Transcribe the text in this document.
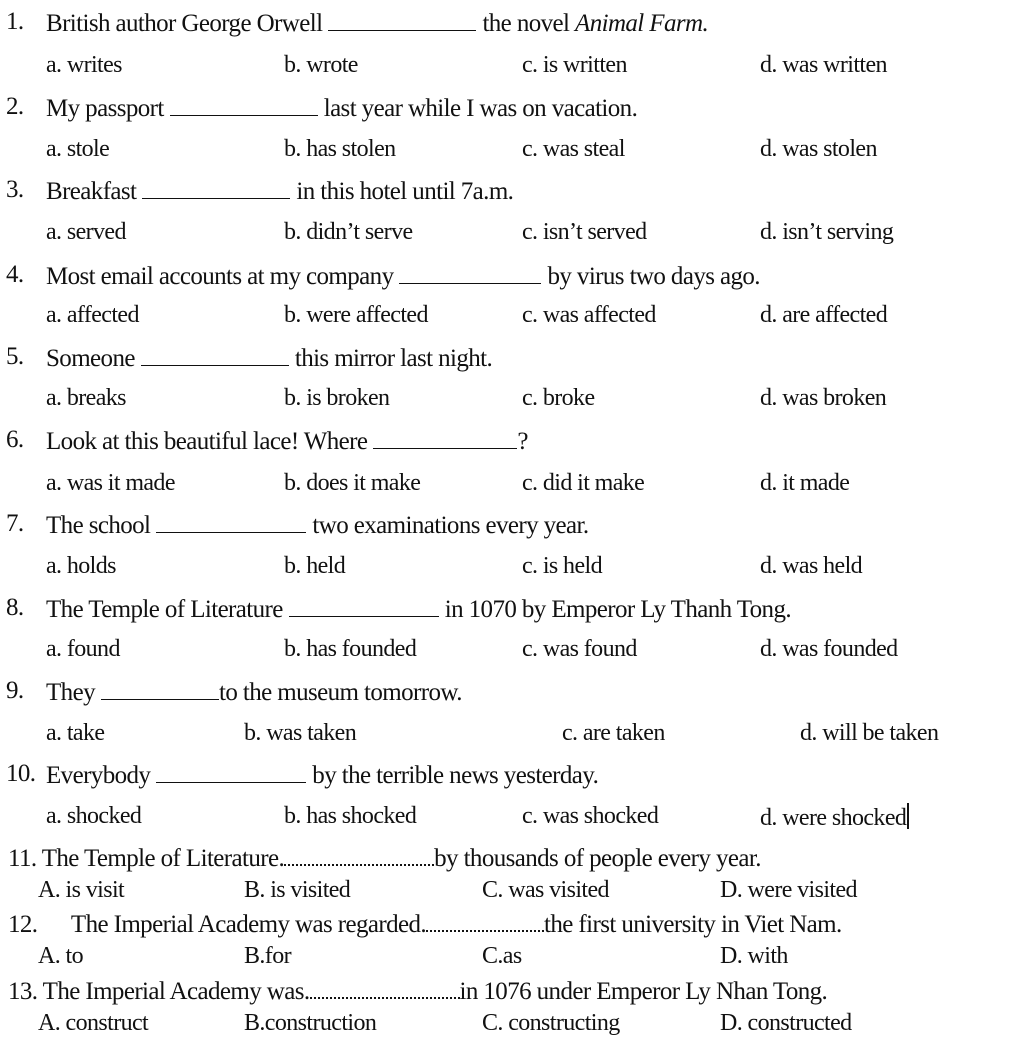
1. British author George Orwell	the novel Animal Farm.
a. writes	b. wrote	c. is written	d. was written
2. My passport	last year while I was on vacation.
a. stole	b. has stolen	c. was steal	d. was stolen
3. Breakfast	in this hotel until 7a.m.
a. served	b. didn’t serve	c. isn’t served	d. isn’t serving
4. Most email accounts at my company	by virus two days ago.
a. affected	b. were affected	c. was affected	d. are affected
5. Someone	this mirror last night.
a. breaks	b. is broken	c. broke	d. was broken
6. Look at this beautiful lace! Where	?
a. was it made	b. does it make	c. did it make	d. it made
7. The school	two examinations every year.
a. holds	b. held	c. is held	d. was held
8. The Temple of Literature	in 1070 by Emperor Ly Thanh Tong.
a. found	b. has founded	c. was found	d. was founded
9. They	to the museum tomorrow.
a. take	b. was taken	c. are taken	d. will be taken
10. Everybody	by the terrible news yesterday.
a. shocked	b. has shocked	c. was shocked	d. were shocked
11. The Temple of Literature.	by thousands of people every year.
A. is visit	B. is visited	C. was visited	D. were visited
12.      The Imperial Academy was regarded.	the first university in Viet Nam.
A. to	B.for	C.as	D. with
13. The Imperial Academy was.	in 1076 under Emperor Ly Nhan Tong.
A. construct	B.construction	C. constructing	D. constructed
